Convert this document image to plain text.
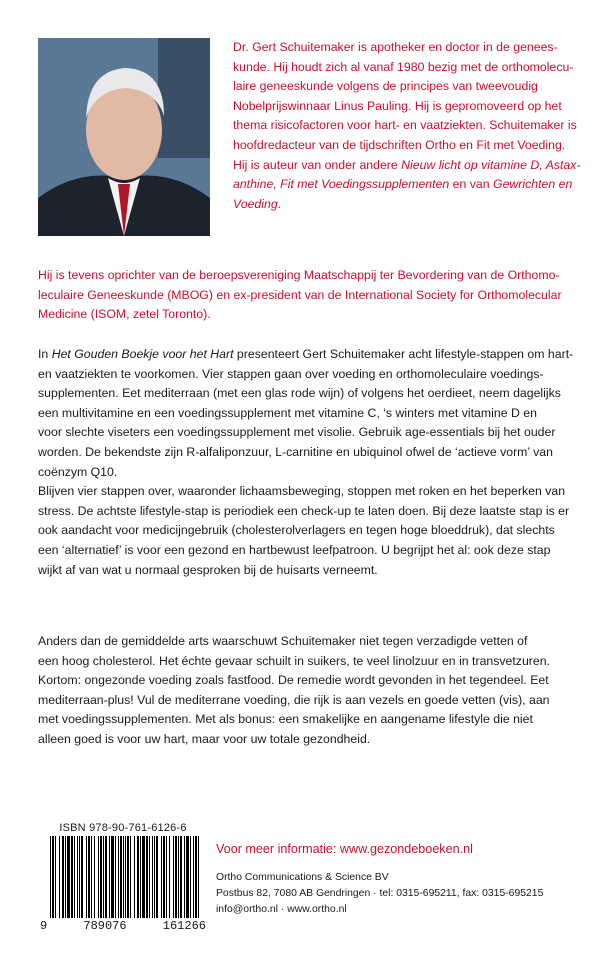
Dr. Gert Schuitemaker is apotheker en doctor in de genees-
kunde. Hij houdt zich al vanaf 1980 bezig met de orthomolecu-
laire geneeskunde volgens de principes van tweevoudig
Nobelprijswinnaar Linus Pauling. Hij is gepromoveerd op het
thema risicofactoren voor hart- en vaatziekten. Schuitemaker is
hoofdredacteur van de tijdschriften Ortho en Fit met Voeding.
Hij is auteur van onder andere Nieuw licht op vitamine D, Astax-
anthine, Fit met Voedingssupplementen en van Gewrichten en
Voeding.
Hij is tevens oprichter van de beroepsvereniging Maatschappij ter Bevordering van de Orthomo-
leculaire Geneeskunde (MBOG) en ex-president van de International Society for Orthomolecular
Medicine (ISOM, zetel Toronto).
In Het Gouden Boekje voor het Hart presenteert Gert Schuitemaker acht lifestyle-stappen om hart-
en vaatziekten te voorkomen. Vier stappen gaan over voeding en orthomoleculaire voedings-
supplementen. Eet mediterraan (met een glas rode wijn) of volgens het oerdieet, neem dagelijks
een multivitamine en een voedingssupplement met vitamine C, ‘s winters met vitamine D en
voor slechte viseters een voedingssupplement met visolie. Gebruik age-essentials bij het ouder
worden. De bekendste zijn R-alfaliponzuur, L-carnitine en ubiquinol ofwel de ‘actieve vorm’ van
coënzym Q10.
Blijven vier stappen over, waaronder lichaamsbeweging, stoppen met roken en het beperken van
stress. De achtste lifestyle-stap is periodiek een check-up te laten doen. Bij deze laatste stap is er
ook aandacht voor medicijngebruik (cholesterolverlagers en tegen hoge bloeddruk), dat slechts
een ‘alternatief’ is voor een gezond en hartbewust leefpatroon. U begrijpt het al: ook deze stap
wijkt af van wat u normaal gesproken bij de huisarts verneemt.
Anders dan de gemiddelde arts waarschuwt Schuitemaker niet tegen verzadigde vetten of
een hoog cholesterol. Het échte gevaar schuilt in suikers, te veel linolzuur en in transvetzuren.
Kortom: ongezonde voeding zoals fastfood. De remedie wordt gevonden in het tegendeel. Eet
mediterraan-plus! Vul de mediterrane voeding, die rijk is aan vezels en goede vetten (vis), aan
met voedingssupplementen. Met als bonus: een smakelijke en aangename lifestyle die niet
alleen goed is voor uw hart, maar voor uw totale gezondheid.
ISBN 978-90-761-6126-6
9	789076	161266
Voor meer informatie: www.gezondeboeken.nl
Ortho Communications & Science BV
Postbus 82, 7080 AB Gendringen · tel: 0315-695211, fax: 0315-695215
info@ortho.nl · www.ortho.nl
